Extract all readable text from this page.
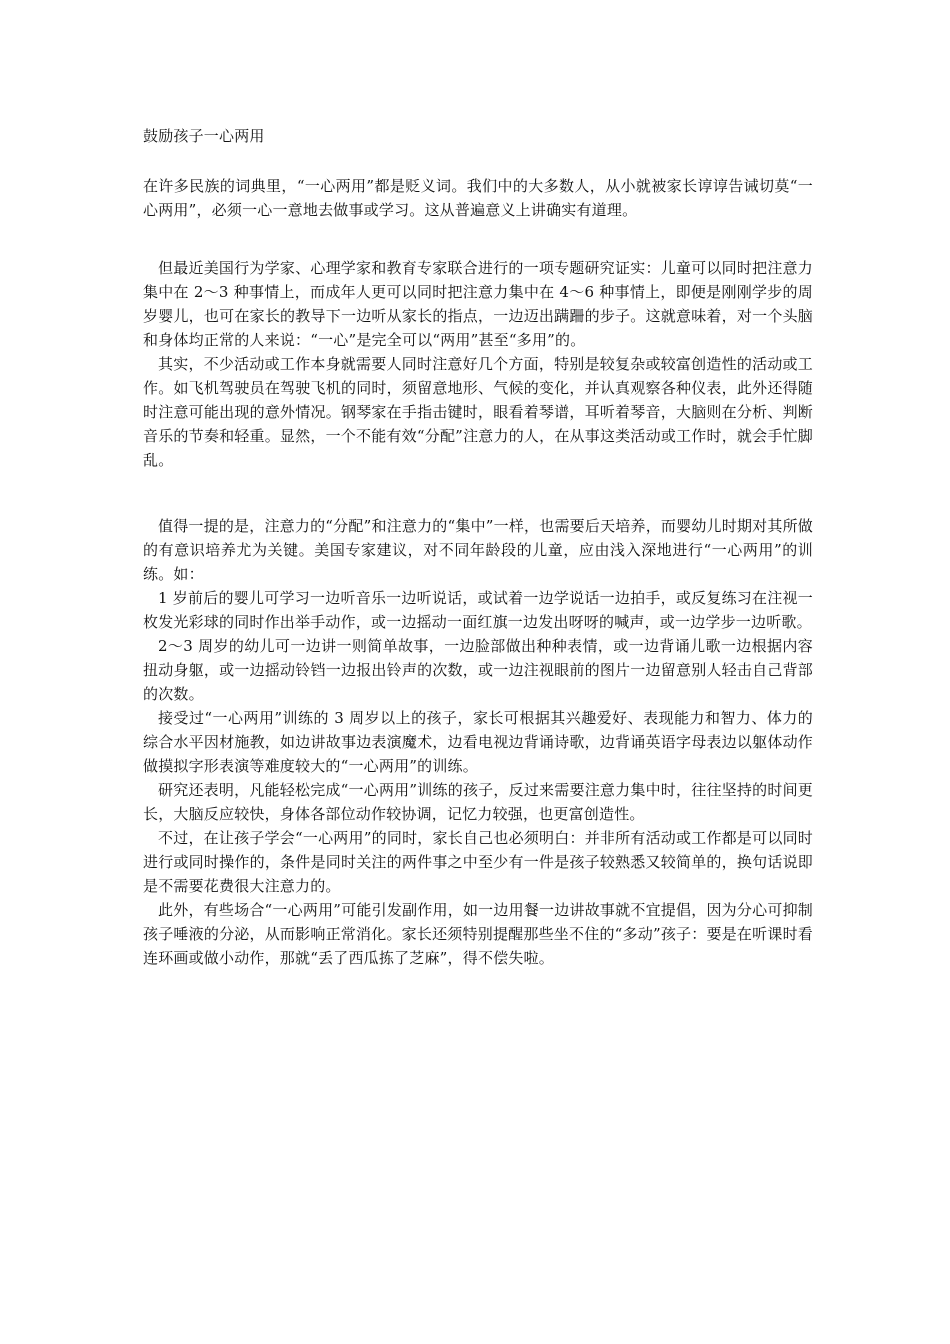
鼓励孩子一心两用

在许多民族的词典里，“一心两用”都是贬义词。我们中的大多数人，从小就被家长谆谆告诫切莫“一心两用”，必须一心一意地去做事或学习。这从普遍意义上讲确实有道理。

但最近美国行为学家、心理学家和教育专家联合进行的一项专题研究证实：儿童可以同时把注意力集中在 2～3 种事情上，而成年人更可以同时把注意力集中在 4～6 种事情上，即便是刚刚学步的周岁婴儿，也可在家长的教导下一边听从家长的指点，一边迈出蹒跚的步子。这就意味着，对一个头脑和身体均正常的人来说：“一心”是完全可以“两用”甚至“多用”的。

其实，不少活动或工作本身就需要人同时注意好几个方面，特别是较复杂或较富创造性的活动或工作。如飞机驾驶员在驾驶飞机的同时，须留意地形、气候的变化，并认真观察各种仪表，此外还得随时注意可能出现的意外情况。钢琴家在手指击键时，眼看着琴谱，耳听着琴音，大脑则在分析、判断音乐的节奏和轻重。显然，一个不能有效“分配”注意力的人，在从事这类活动或工作时，就会手忙脚乱。

值得一提的是，注意力的“分配”和注意力的“集中”一样，也需要后天培养，而婴幼儿时期对其所做的有意识培养尤为关键。美国专家建议，对不同年龄段的儿童，应由浅入深地进行“一心两用”的训练。如：

1 岁前后的婴儿可学习一边听音乐一边听说话，或试着一边学说话一边拍手，或反复练习在注视一枚发光彩球的同时作出举手动作，或一边摇动一面红旗一边发出呀呀的喊声，或一边学步一边听歌。

2～3 周岁的幼儿可一边讲一则简单故事，一边脸部做出种种表情，或一边背诵儿歌一边根据内容扭动身躯，或一边摇动铃铛一边报出铃声的次数，或一边注视眼前的图片一边留意别人轻击自己背部的次数。

接受过“一心两用”训练的 3 周岁以上的孩子，家长可根据其兴趣爱好、表现能力和智力、体力的综合水平因材施教，如边讲故事边表演魔术，边看电视边背诵诗歌，边背诵英语字母表边以躯体动作做摸拟字形表演等难度较大的“一心两用”的训练。

研究还表明，凡能轻松完成“一心两用”训练的孩子，反过来需要注意力集中时，往往坚持的时间更长，大脑反应较快，身体各部位动作较协调，记忆力较强，也更富创造性。

不过，在让孩子学会“一心两用”的同时，家长自己也必须明白：并非所有活动或工作都是可以同时进行或同时操作的，条件是同时关注的两件事之中至少有一件是孩子较熟悉又较简单的，换句话说即是不需要花费很大注意力的。

此外，有些场合“一心两用”可能引发副作用，如一边用餐一边讲故事就不宜提倡，因为分心可抑制孩子唾液的分泌，从而影响正常消化。家长还须特别提醒那些坐不住的“多动”孩子：要是在听课时看连环画或做小动作，那就“丢了西瓜拣了芝麻”，得不偿失啦。
